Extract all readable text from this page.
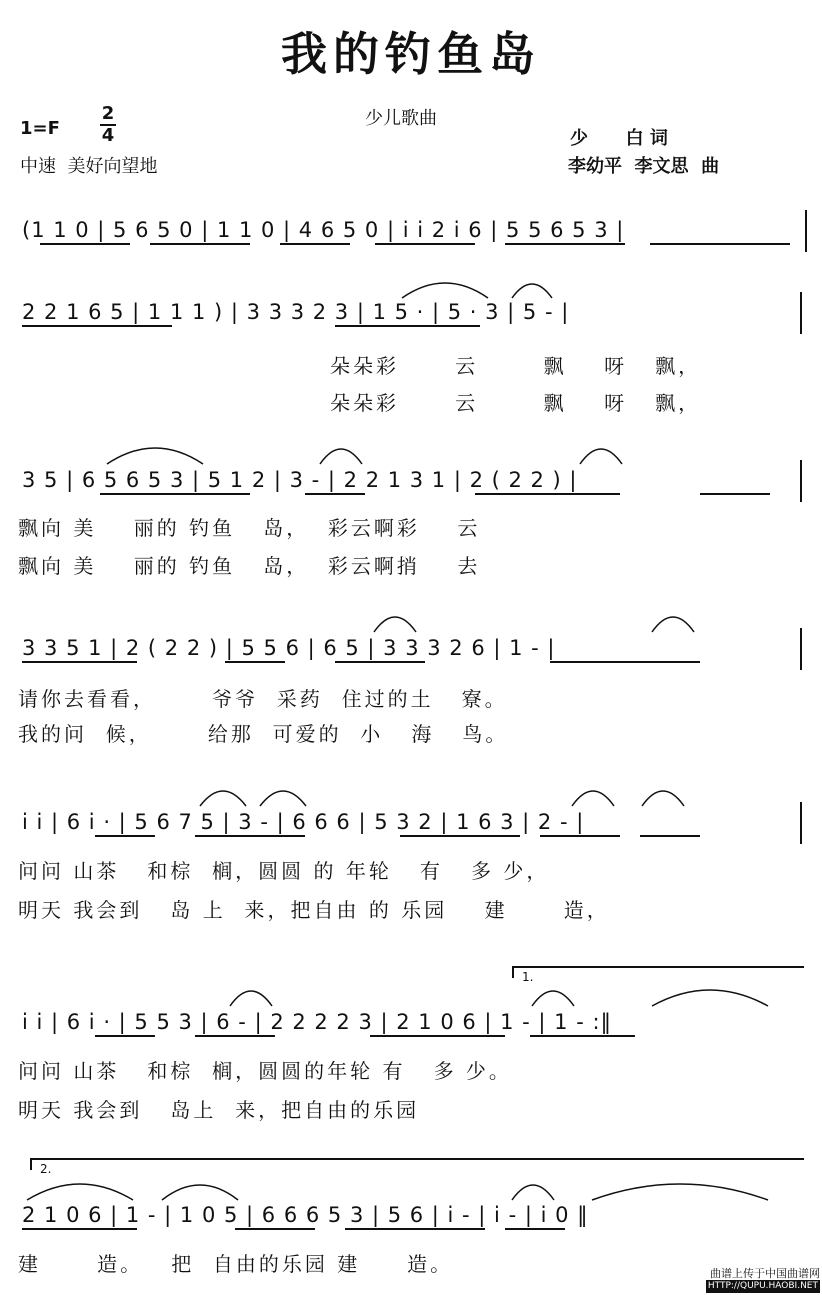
我的钓鱼岛
1=F
2
4
中速  美好向望地
少儿歌曲
少      白 词
李幼平  李文思  曲
(1 1 0 | 5 6 5 0 | 1 1 0 | 4 6 5 0 | i i 2 i 6 | 5 5 6 5 3 |
2 2 1 6 5 | 1 1 1 ) | 3 3 3 2 3 | 1 5 · | 5 · 3 | 5 - |
朵朵彩      云       飘    呀   飘，
朵朵彩      云       飘    呀   飘，
3 5 | 6 5 6 5 3 | 5 1 2 | 3 - | 2 2 1 3 1 | 2 ( 2 2 ) |
飘向 美    丽的 钓鱼   岛，  彩云啊彩    云
飘向 美    丽的 钓鱼   岛，  彩云啊捎    去
3 3 5 1 | 2 ( 2 2 ) | 5 5 6 | 6 5 | 3 3 3 2 6 | 1 - |
请你去看看，      爷爷  采药  住过的土   寮。
我的问  候，      给那  可爱的  小   海   鸟。
i i | 6 i · | 5 6 7 5 | 3 - | 6 6 6 | 5 3 2 | 1 6 3 | 2 - |
问问 山茶   和棕  榈，圆圆 的 年轮   有   多 少，
明天 我会到   岛 上  来，把自由 的 乐园    建      造，
1.
i i | 6 i · | 5 5 3 | 6 - | 2 2 2 2 3 | 2 1 0 6 | 1 - | 1 - :‖
问问 山茶   和棕  榈，圆圆的年轮 有   多 少。
明天 我会到   岛上  来，把自由的乐园
2.
2 1 0 6 | 1 - | 1 0 5 | 6 6 6 5 3 | 5 6 | i - | i - | i 0 ‖
建      造。   把  自由的乐园 建     造。	曲谱上传于中国曲谱网
HTTP://QUPU.HAOBI.NET
